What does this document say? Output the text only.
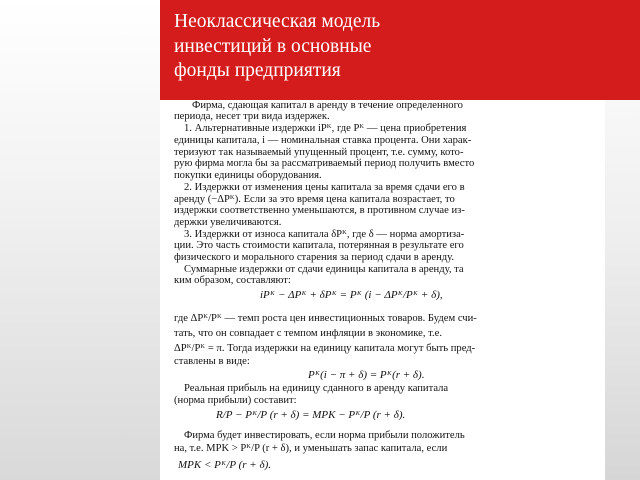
Неоклассическая модель
инвестиций в основные
фонды предприятия
Фирма, сдающая капитал в аренду в течение определенного
периода, несет три вида издержек.
1. Альтернативные издержки iPᴷ, где Pᴷ — цена приобретения
единицы капитала, i — номинальная ставка процента. Они харак-
теризуют так называемый упущенный процент, т.е. сумму, кото-
рую фирма могла бы за рассматриваемый период получить вместо
покупки единицы оборудования.
2. Издержки от изменения цены капитала за время сдачи его в
аренду (−ΔPᴷ). Если за это время цена капитала возрастает, то
издержки соответственно уменьшаются, в противном случае из-
держки увеличиваются.
3. Издержки от износа капитала δPᴷ, где δ — норма амортиза-
ции. Это часть стоимости капитала, потерянная в результате его
физического и морального старения за период сдачи в аренду.
Суммарные издержки от сдачи единицы капитала в аренду, та
ким образом, составляют:
iPᴷ − ΔPᴷ + δPᴷ = Pᴷ (i − ΔPᴷ/Pᴷ + δ),
где ΔPᴷ/Pᴷ — темп роста цен инвестиционных товаров. Будем счи-
тать, что он совпадает с темпом инфляции в экономике, т.е.
ΔPᴷ/Pᴷ = π. Тогда издержки на единицу капитала могут быть пред-
ставлены в виде:
Pᴷ(i − π + δ) = Pᴷ(r + δ).
Реальная прибыль на единицу сданного в аренду капитала
(норма прибыли) составит:
R/P − Pᴷ/P (r + δ) = MPK − Pᴷ/P (r + δ).
Фирма будет инвестировать, если норма прибыли положитель
на, т.е. MPK > Pᴷ/P (r + δ), и уменьшать запас капитала, если
MPK < Pᴷ/P (r + δ).
